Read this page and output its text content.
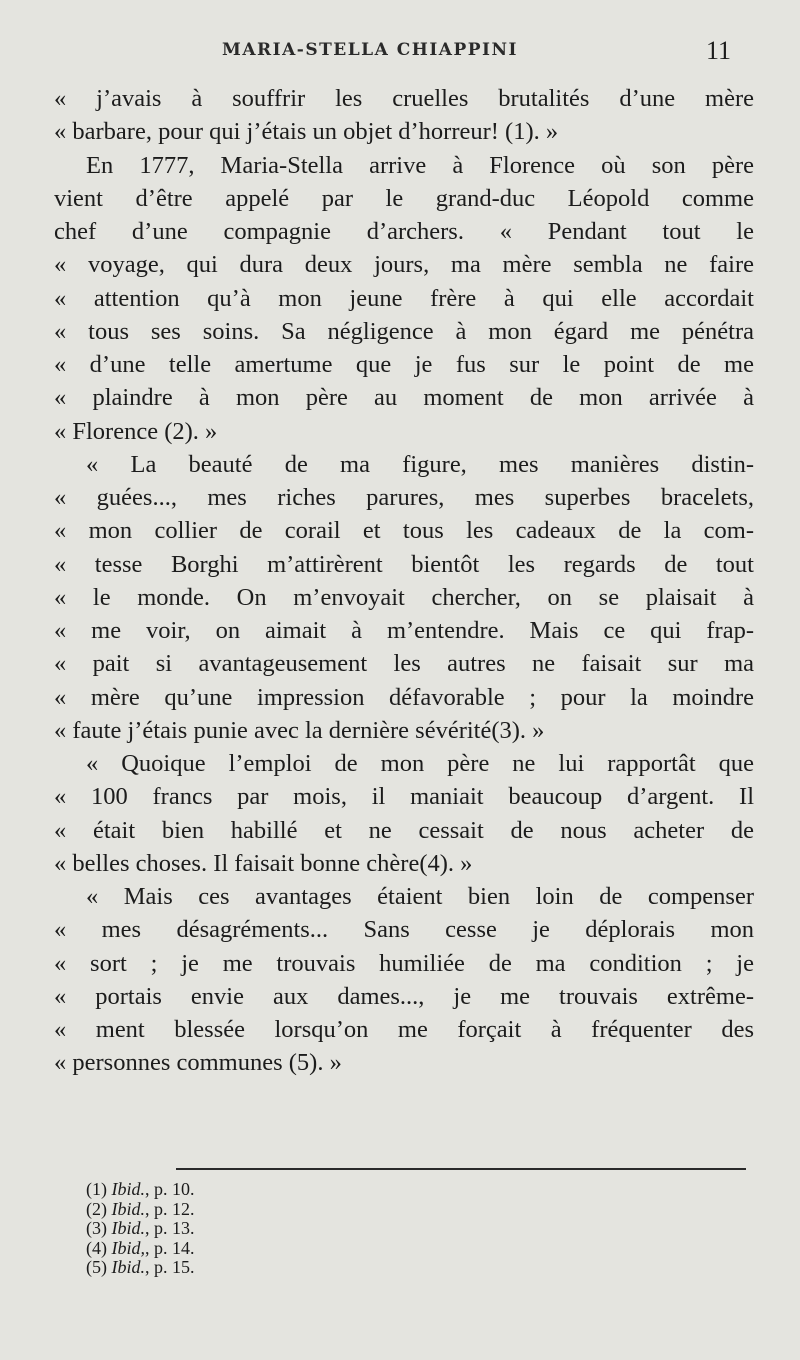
MARIA-STELLA CHIAPPINI	11
« j’avais à souffrir les cruelles brutalités d’une mère
« barbare, pour qui j’étais un objet d’horreur! (1). »
En 1777, Maria-Stella arrive à Florence où son père
vient d’être appelé par le grand-duc Léopold comme
chef d’une compagnie d’archers. « Pendant tout le
« voyage, qui dura deux jours, ma mère sembla ne faire
« attention qu’à mon jeune frère à qui elle accordait
« tous ses soins. Sa négligence à mon égard me pénétra
« d’une telle amertume que je fus sur le point de me
« plaindre à mon père au moment de mon arrivée à
« Florence (2). »
« La beauté de ma figure, mes manières distin-
« guées..., mes riches parures, mes superbes bracelets,
« mon collier de corail et tous les cadeaux de la com-
« tesse Borghi m’attirèrent bientôt les regards de tout
« le monde. On m’envoyait chercher, on se plaisait à
« me voir, on aimait à m’entendre. Mais ce qui frap-
« pait si avantageusement les autres ne faisait sur ma
« mère qu’une impression défavorable ; pour la moindre
« faute j’étais punie avec la dernière sévérité(3). »
« Quoique l’emploi de mon père ne lui rapportât que
« 100 francs par mois, il maniait beaucoup d’argent. Il
« était bien habillé et ne cessait de nous acheter de
« belles choses. Il faisait bonne chère(4). »
« Mais ces avantages étaient bien loin de compenser
« mes désagréments... Sans cesse je déplorais mon
« sort ; je me trouvais humiliée de ma condition ; je
« portais envie aux dames..., je me trouvais extrême-
« ment blessée lorsqu’on me forçait à fréquenter des
« personnes communes (5). »
(1) Ibid., p. 10.
(2) Ibid., p. 12.
(3) Ibid., p. 13.
(4) Ibid,, p. 14.
(5) Ibid., p. 15.
